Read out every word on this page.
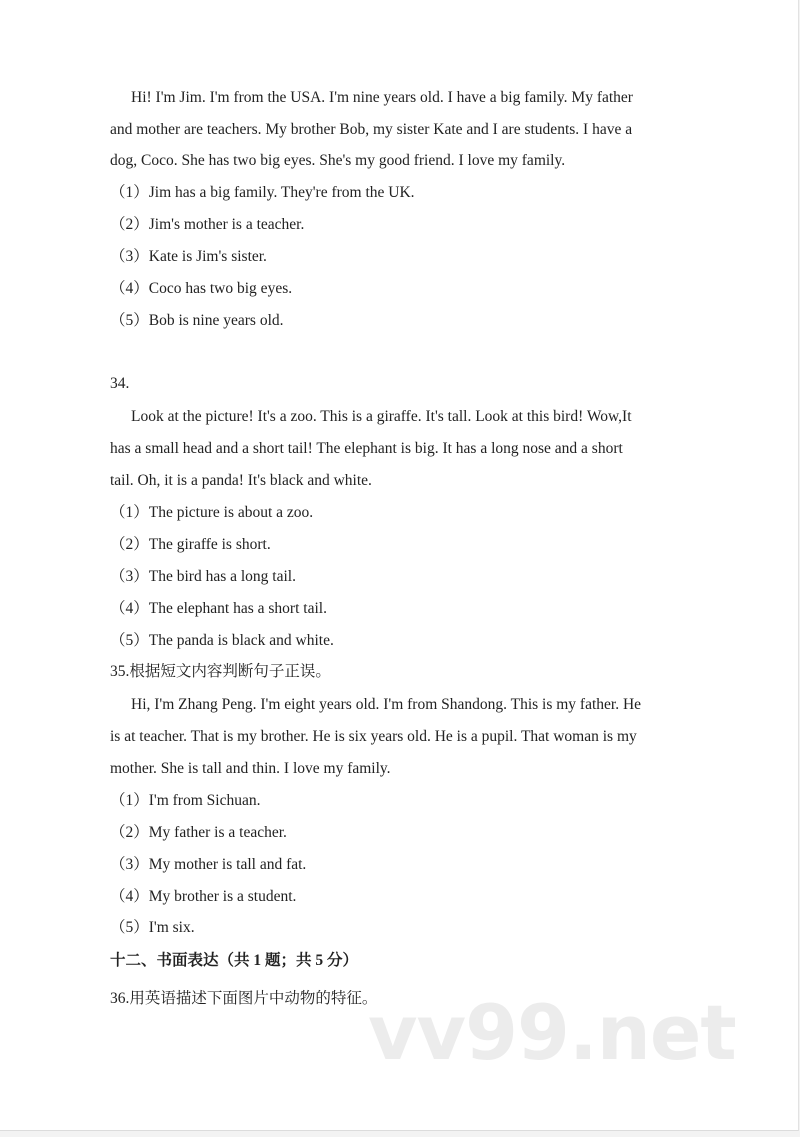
Hi! I'm Jim. I'm from the USA. I'm nine years old. I have a big family. My father
and mother are teachers. My brother Bob, my sister Kate and I are students. I have a
dog, Coco. She has two big eyes. She's my good friend. I love my family.
（1）Jim has a big family. They're from the UK.
（2）Jim's mother is a teacher.
（3）Kate is Jim's sister.
（4）Coco has two big eyes.
（5）Bob is nine years old.
34.
Look at the picture! It's a zoo. This is a giraffe. It's tall. Look at this bird! Wow,It
has a small head and a short tail! The elephant is big. It has a long nose and a short
tail. Oh, it is a panda! It's black and white.
（1）The picture is about a zoo.
（2）The giraffe is short.
（3）The bird has a long tail.
（4）The elephant has a short tail.
（5）The panda is black and white.
35.根据短文内容判断句子正误。
Hi, I'm Zhang Peng. I'm eight years old. I'm from Shandong. This is my father. He
is at teacher. That is my brother. He is six years old. He is a pupil. That woman is my
mother. She is tall and thin. I love my family.
（1）I'm from Sichuan.
（2）My father is a teacher.
（3）My mother is tall and fat.
（4）My brother is a student.
（5）I'm six.
十二、书面表达（共 1 题；共 5 分）
36.用英语描述下面图片中动物的特征。
vv99.net
